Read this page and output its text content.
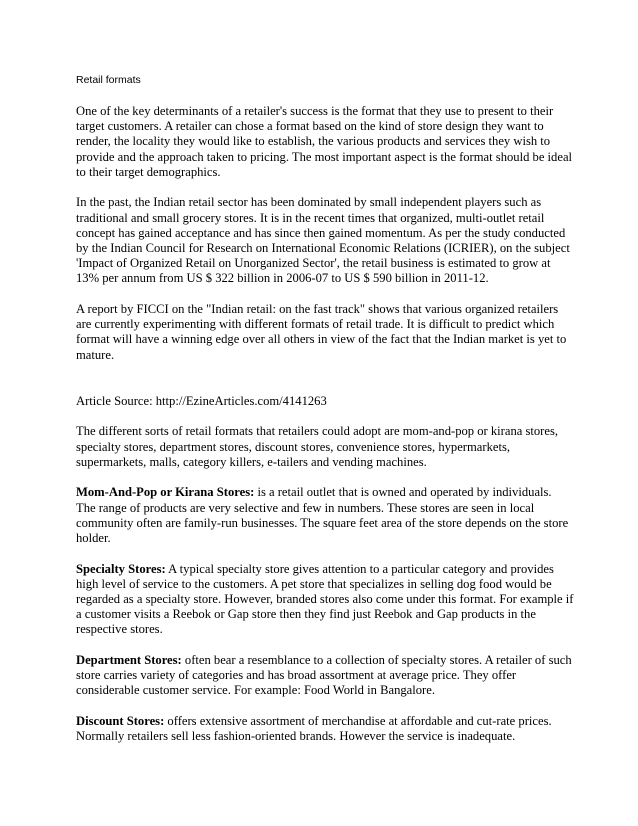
Retail formats

One of the key determinants of a retailer's success is the format that they use to present to their target customers. A retailer can chose a format based on the kind of store design they want to render, the locality they would like to establish, the various products and services they wish to provide and the approach taken to pricing. The most important aspect is the format should be ideal to their target demographics.

In the past, the Indian retail sector has been dominated by small independent players such as traditional and small grocery stores. It is in the recent times that organized, multi-outlet retail concept has gained acceptance and has since then gained momentum. As per the study conducted by the Indian Council for Research on International Economic Relations (ICRIER), on the subject 'Impact of Organized Retail on Unorganized Sector', the retail business is estimated to grow at 13% per annum from US $ 322 billion in 2006-07 to US $ 590 billion in 2011-12.

A report by FICCI on the "Indian retail: on the fast track" shows that various organized retailers are currently experimenting with different formats of retail trade. It is difficult to predict which format will have a winning edge over all others in view of the fact that the Indian market is yet to mature.

Article Source: http://EzineArticles.com/4141263

The different sorts of retail formats that retailers could adopt are mom-and-pop or kirana stores, specialty stores, department stores, discount stores, convenience stores, hypermarkets, supermarkets, malls, category killers, e-tailers and vending machines.

Mom-And-Pop or Kirana Stores: is a retail outlet that is owned and operated by individuals. The range of products are very selective and few in numbers. These stores are seen in local community often are family-run businesses. The square feet area of the store depends on the store holder.

Specialty Stores: A typical specialty store gives attention to a particular category and provides high level of service to the customers. A pet store that specializes in selling dog food would be regarded as a specialty store. However, branded stores also come under this format. For example if a customer visits a Reebok or Gap store then they find just Reebok and Gap products in the respective stores.

Department Stores: often bear a resemblance to a collection of specialty stores. A retailer of such store carries variety of categories and has broad assortment at average price. They offer considerable customer service. For example: Food World in Bangalore.

Discount Stores: offers extensive assortment of merchandise at affordable and cut-rate prices. Normally retailers sell less fashion-oriented brands. However the service is inadequate.
